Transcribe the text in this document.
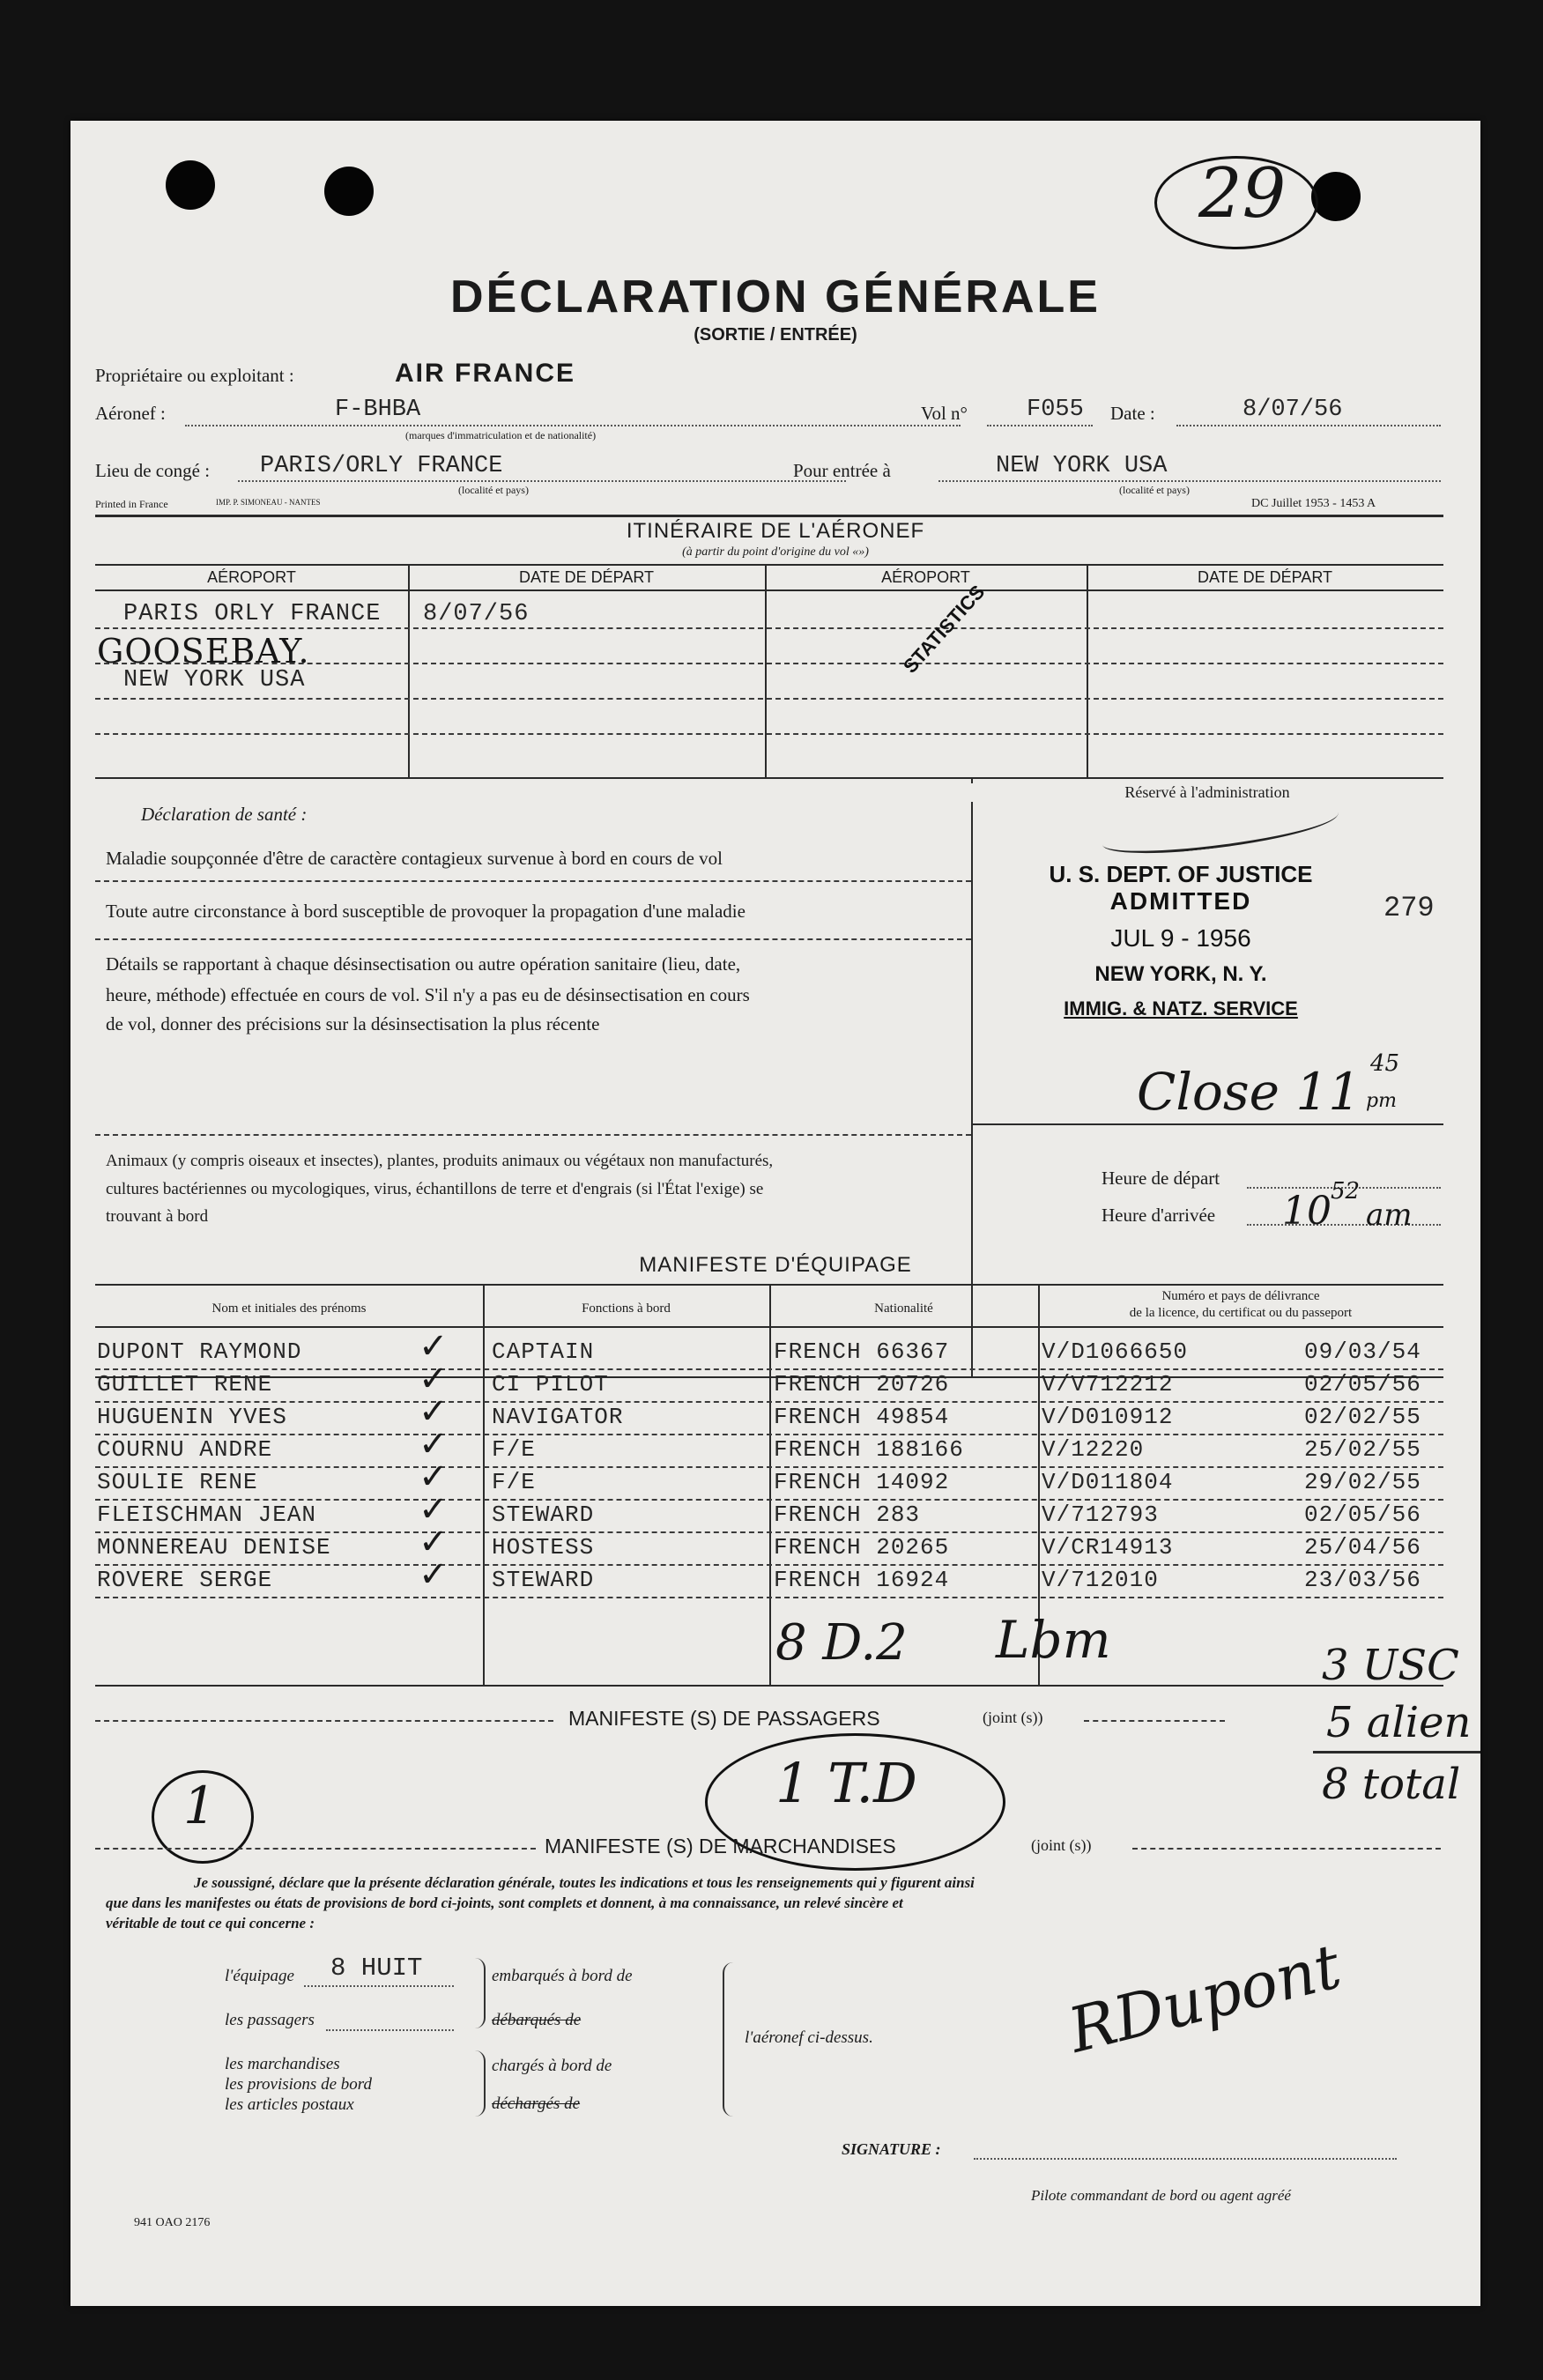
29
DÉCLARATION GÉNÉRALE
(SORTIE / ENTRÉE)
Propriétaire ou exploitant :	AIR FRANCE
Aéronef :	F-BHBA
(marques d'immatriculation et de nationalité)
Vol n° F055 Date :	8/07/56
Lieu de congé : PARIS/ORLY FRANCE
(localité et pays)
Pour entrée à	NEW YORK USA
(localité et pays)
Printed in France	IMP. P. SIMONEAU - NANTES	DC Juillet 1953 - 1453 A
ITINÉRAIRE DE L'AÉRONEF
(à partir du point d'origine du vol «»)
AÉROPORT	DATE DE DÉPART	AÉROPORT	DATE DE DÉPART
PARIS ORLY FRANCE 8/07/56
GOOSEBAY.
NEW YORK USA
STATISTICS
Déclaration de santé :
Maladie soupçonnée d'être de caractère contagieux survenue à bord en cours de vol
Toute autre circonstance à bord susceptible de provoquer la propagation d'une maladie
Détails se rapportant à chaque désinsectisation ou autre opération sanitaire (lieu, date,
heure, méthode) effectuée en cours de vol. S'il n'y a pas eu de désinsectisation en cours
de vol, donner des précisions sur la désinsectisation la plus récente
Animaux (y compris oiseaux et insectes), plantes, produits animaux ou végétaux non manufacturés,
cultures bactériennes ou mycologiques, virus, échantillons de terre et d'engrais (si l'État l'exige) se
trouvant à bord
Réservé à l'administration
U. S. DEPT. OF JUSTICE
ADMITTED
JUL 9 - 1956
NEW YORK, N. Y.
IMMIG. & NATZ. SERVICE
279
Close 11 45
pm
Heure de départ
Heure d'arrivée 10 52
am
MANIFESTE D'ÉQUIPAGE
Nom et initiales des prénoms	Fonctions à bord	Nationalité
Numéro et pays de délivrance
de la licence, du certificat ou du passeport
DUPONT RAYMOND	CAPTAIN	FRENCH 66367	V/D1066650	09/03/54
✓
GUILLET RENE	CI PILOT	FRENCH 20726	V/V712212	02/05/56
✓
HUGUENIN YVES	NAVIGATOR	FRENCH 49854	V/D010912	02/02/55
✓
COURNU ANDRE	F/E	FRENCH 188166	V/12220	25/02/55
✓
SOULIE RENE	F/E	FRENCH 14092	V/D011804	29/02/55
✓
FLEISCHMAN JEAN	STEWARD	FRENCH 283	V/712793	02/05/56
✓
MONNEREAU DENISE	HOSTESS	FRENCH 20265	V/CR14913	25/04/56
✓
ROVERE SERGE	STEWARD	FRENCH 16924	V/712010	23/03/56
✓
8 D.2 Lbm
MANIFESTE (S) DE PASSAGERS	(joint (s))
1	1 T.D
3 USC
5 alien
8 total
MANIFESTE (S) DE MARCHANDISES	(joint (s))
Je soussigné, déclare que la présente déclaration générale, toutes les indications et tous les renseignements qui y figurent ainsi
que dans les manifestes ou états de provisions de bord ci-joints, sont complets et donnent, à ma connaissance, un relevé sincère et
véritable de tout ce qui concerne :
l'équipage 8 HUIT
les passagers
les marchandises
les provisions de bord
les articles postaux
embarqués à bord de
débarqués de
chargés à bord de
déchargés de
l'aéronef ci-dessus.	RDupont
SIGNATURE :
Pilote commandant de bord ou agent agréé
941 OAO 2176
